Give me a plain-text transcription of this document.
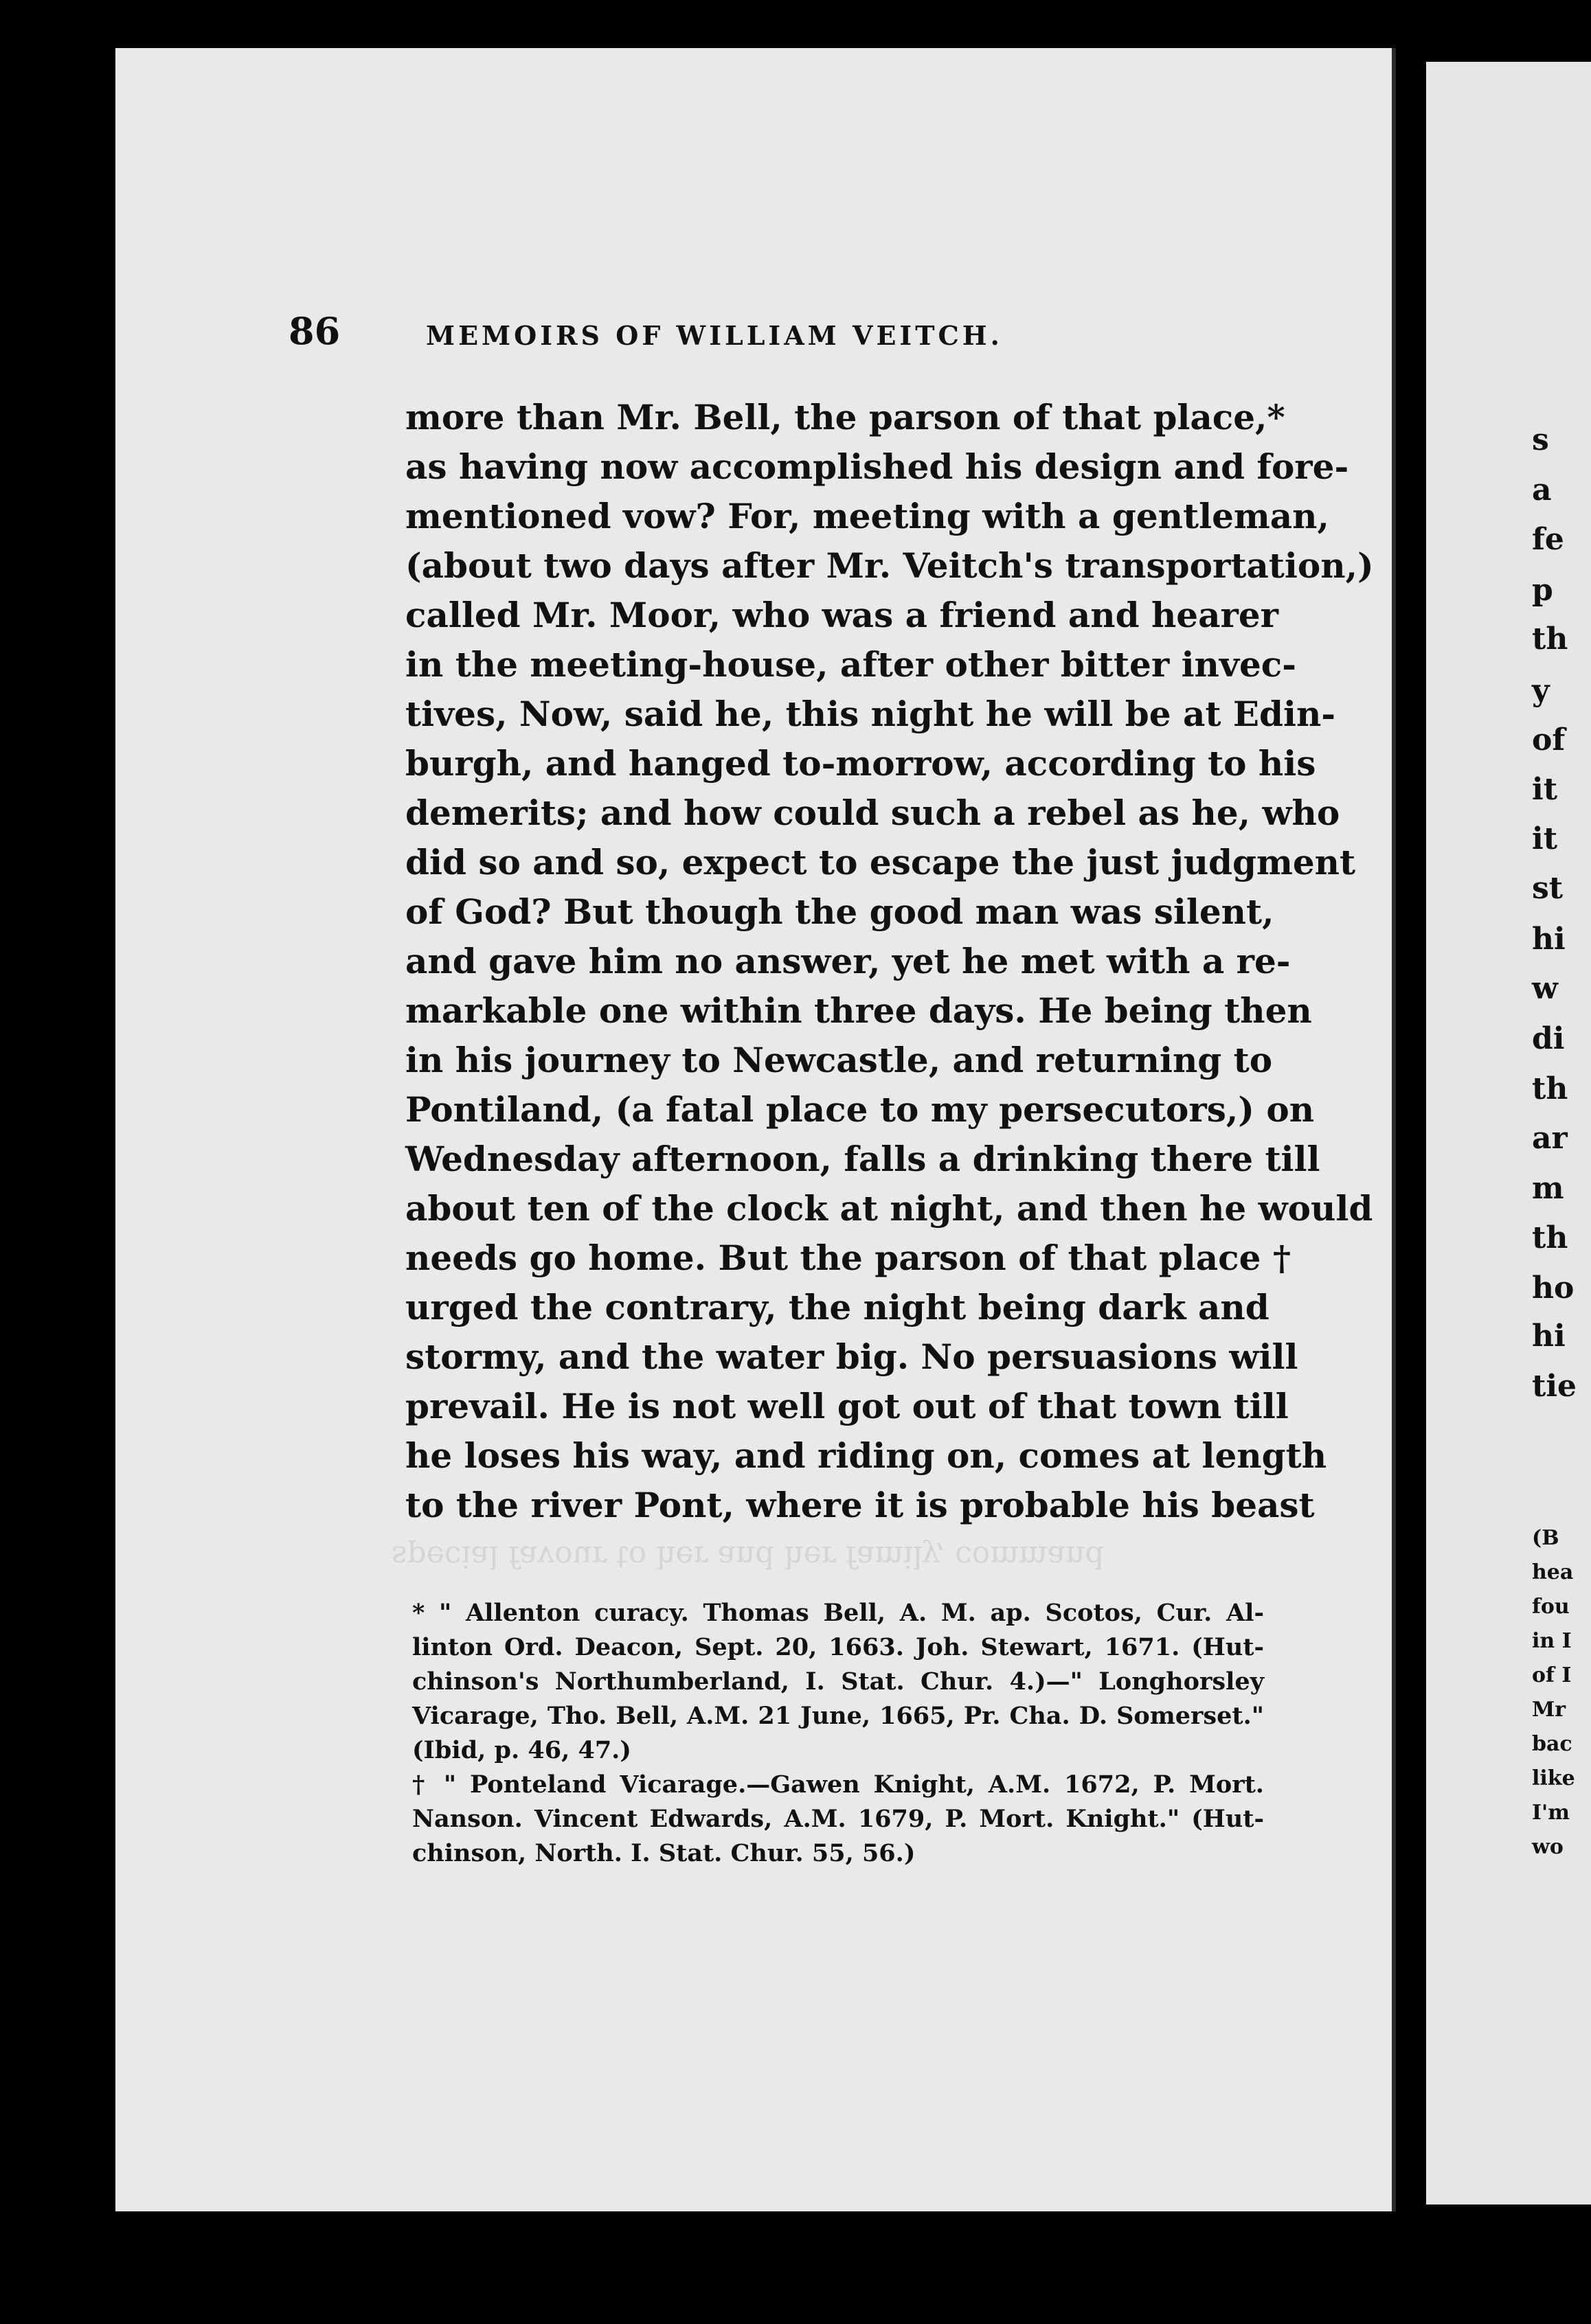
86	MEMOIRS OF WILLIAM VEITCH.
more than Mr. Bell, the parson of that place,*
as having now accomplished his design and fore-
mentioned vow? For, meeting with a gentleman,
(about two days after Mr. Veitch's transportation,)
called Mr. Moor, who was a friend and hearer
in the meeting-house, after other bitter invec-
tives, Now, said he, this night he will be at Edin-
burgh, and hanged to-morrow, according to his
demerits; and how could such a rebel as he, who
did so and so, expect to escape the just judgment
of God? But though the good man was silent,
and gave him no answer, yet he met with a re-
markable one within three days. He being then
in his journey to Newcastle, and returning to
Pontiland, (a fatal place to my persecutors,) on
Wednesday afternoon, falls a drinking there till
about ten of the clock at night, and then he would
needs go home. But the parson of that place †
urged the contrary, the night being dark and
stormy, and the water big. No persuasions will
prevail. He is not well got out of that town till
he loses his way, and riding on, comes at length
to the river Pont, where it is probable his beast
special favour to her and her family, command
* " Allenton curacy. Thomas Bell, A. M. ap. Scotos, Cur. Al-
linton Ord. Deacon, Sept. 20, 1663. Joh. Stewart, 1671. (Hut-
chinson's Northumberland, I. Stat. Chur. 4.)—" Longhorsley
Vicarage, Tho. Bell, A.M. 21 June, 1665, Pr. Cha. D. Somerset."
(Ibid, p. 46, 47.)
† " Ponteland Vicarage.—Gawen Knight, A.M. 1672, P. Mort.
Nanson. Vincent Edwards, A.M. 1679, P. Mort. Knight." (Hut-
chinson, North. I. Stat. Chur. 55, 56.)
s
a
fe
p
th
y
of
it
it
st
hi
w
di
th
ar
m
th
ho
hi
tie
(B
hea
fou
in I
of I
Mr
bac
like
I'm
wo
